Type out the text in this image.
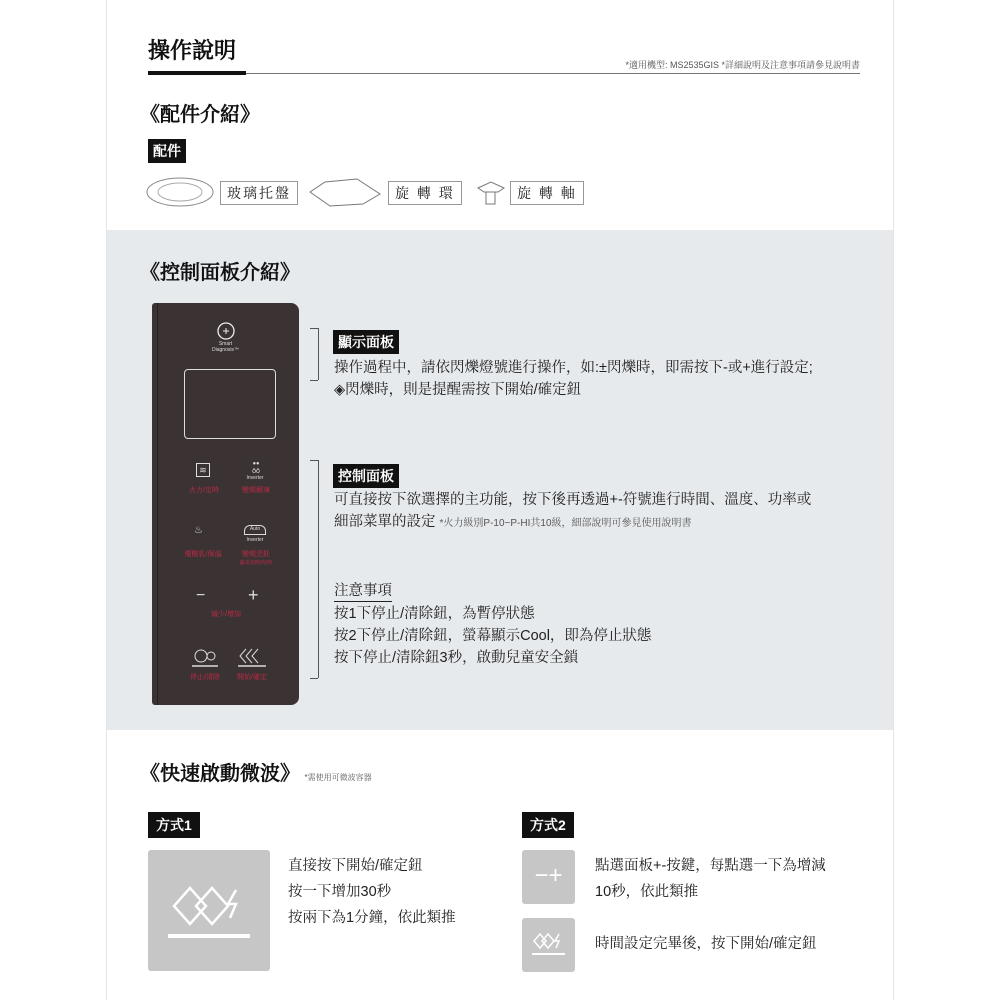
操作說明
*適用機型: MS2535GIS *詳細說明及注意事項請參見說明書
《配件介紹》
配件
玻璃托盤	旋 轉 環	旋 轉 軸
《控制面板介紹》
Smart
Diagnosis™
≋
火力/定時
ꔷꔷ
ōō
Inverter
變頻解凍
♨
優酪乳/保溫
Auto
Inverter
變頻烹飪
蔬菜加熱/肉/魚
− +
減少/增加
停止/清除	開始/確定
顯示面板
操作過程中，請依閃爍燈號進行操作，如:±閃爍時，即需按下-或+進行設定;
◈閃爍時，則是提醒需按下開始/確定鈕
控制面板
可直接按下欲選擇的主功能，按下後再透過+-符號進行時間、溫度、功率或
細部菜單的設定 *火力級別P-10~P-HI共10級，細部說明可參見使用說明書
注意事項
按1下停止/清除鈕，為暫停狀態
按2下停止/清除鈕，螢幕顯示Cool，即為停止狀態
按下停止/清除鈕3秒，啟動兒童安全鎖
《快速啟動微波》 *需使用可微波容器
方式1
直接按下開始/確定鈕
按一下增加30秒
按兩下為1分鐘，依此類推
方式2
−+	點選面板+-按鍵，每點選一下為增減
10秒，依此類推
時間設定完畢後，按下開始/確定鈕
